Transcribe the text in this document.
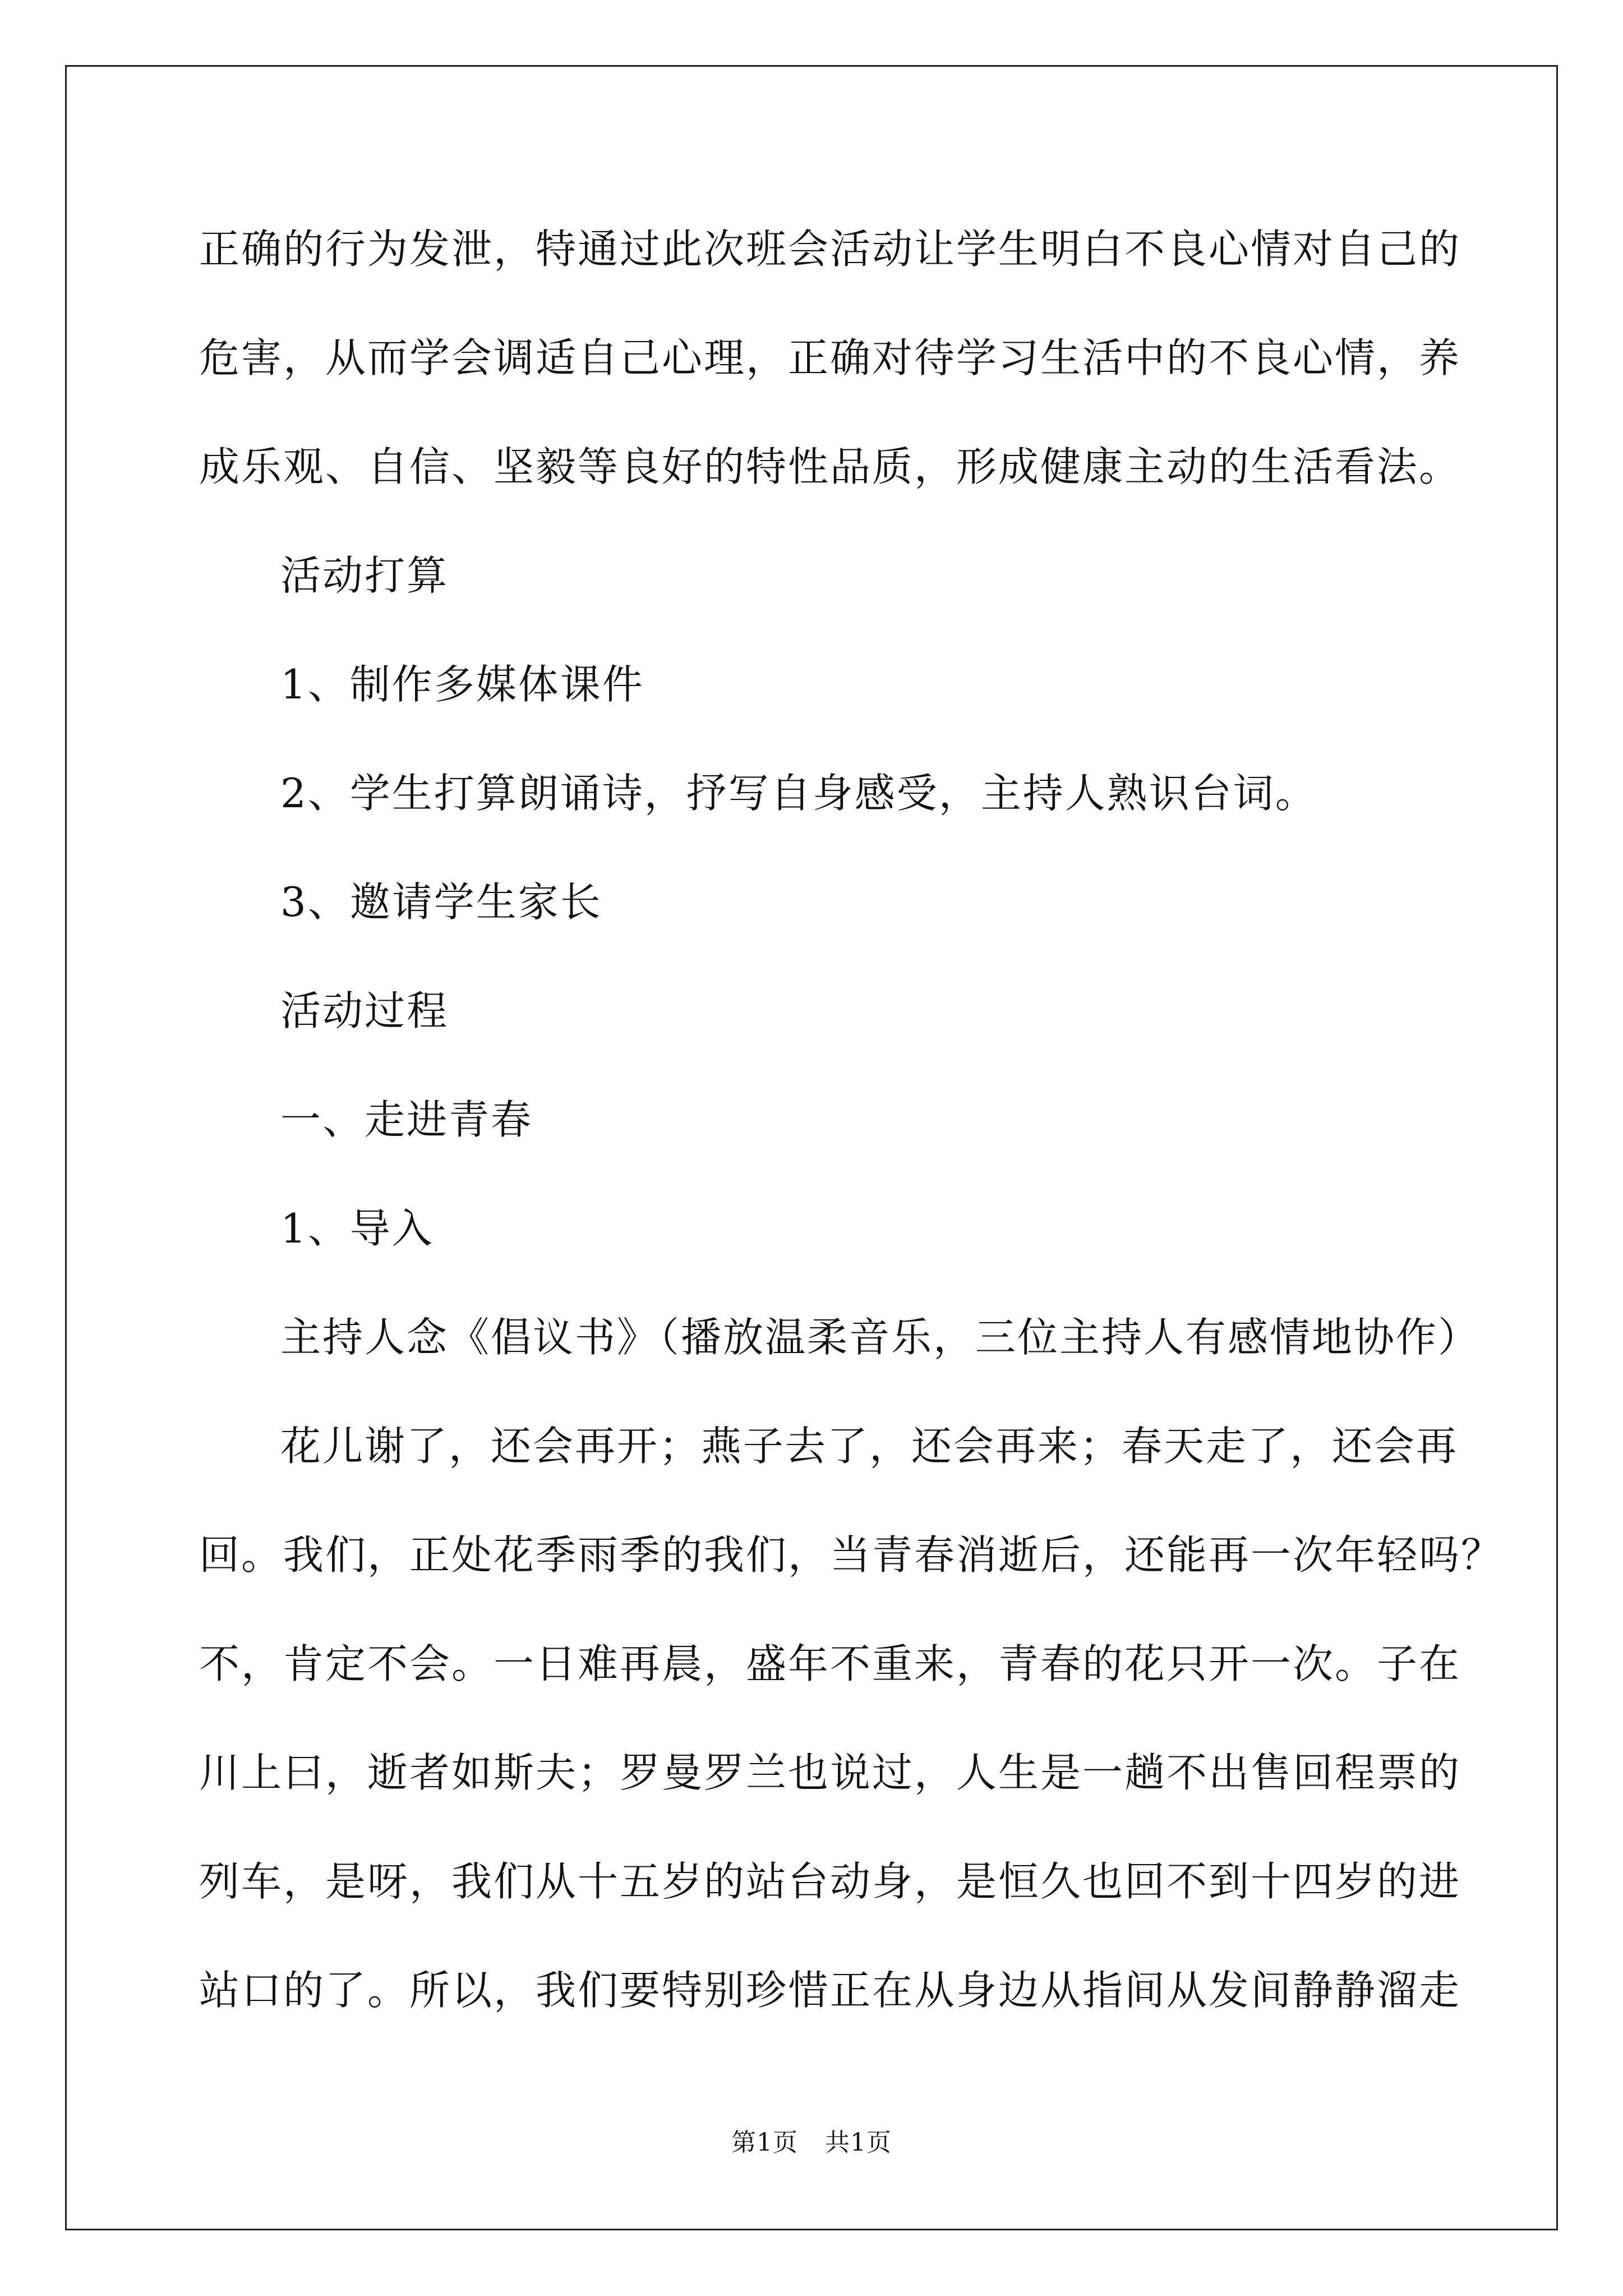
正确的行为发泄，特通过此次班会活动让学生明白不良心情对自己的
危害，从而学会调适自己心理，正确对待学习生活中的不良心情，养
成乐观、自信、坚毅等良好的特性品质，形成健康主动的生活看法。
活动打算
1、制作多媒体课件
2、学生打算朗诵诗，抒写自身感受，主持人熟识台词。
3、邀请学生家长
活动过程
一、走进青春
1、导入
主持人念《倡议书》（播放温柔音乐，三位主持人有感情地协作）
花儿谢了，还会再开；燕子去了，还会再来；春天走了，还会再
回。我们，正处花季雨季的我们，当青春消逝后，还能再一次年轻吗？
不，肯定不会。一日难再晨，盛年不重来，青春的花只开一次。子在
川上曰，逝者如斯夫；罗曼罗兰也说过，人生是一趟不出售回程票的
列车，是呀，我们从十五岁的站台动身，是恒久也回不到十四岁的进
站口的了。所以，我们要特别珍惜正在从身边从指间从发间静静溜走
第1页 共1页
